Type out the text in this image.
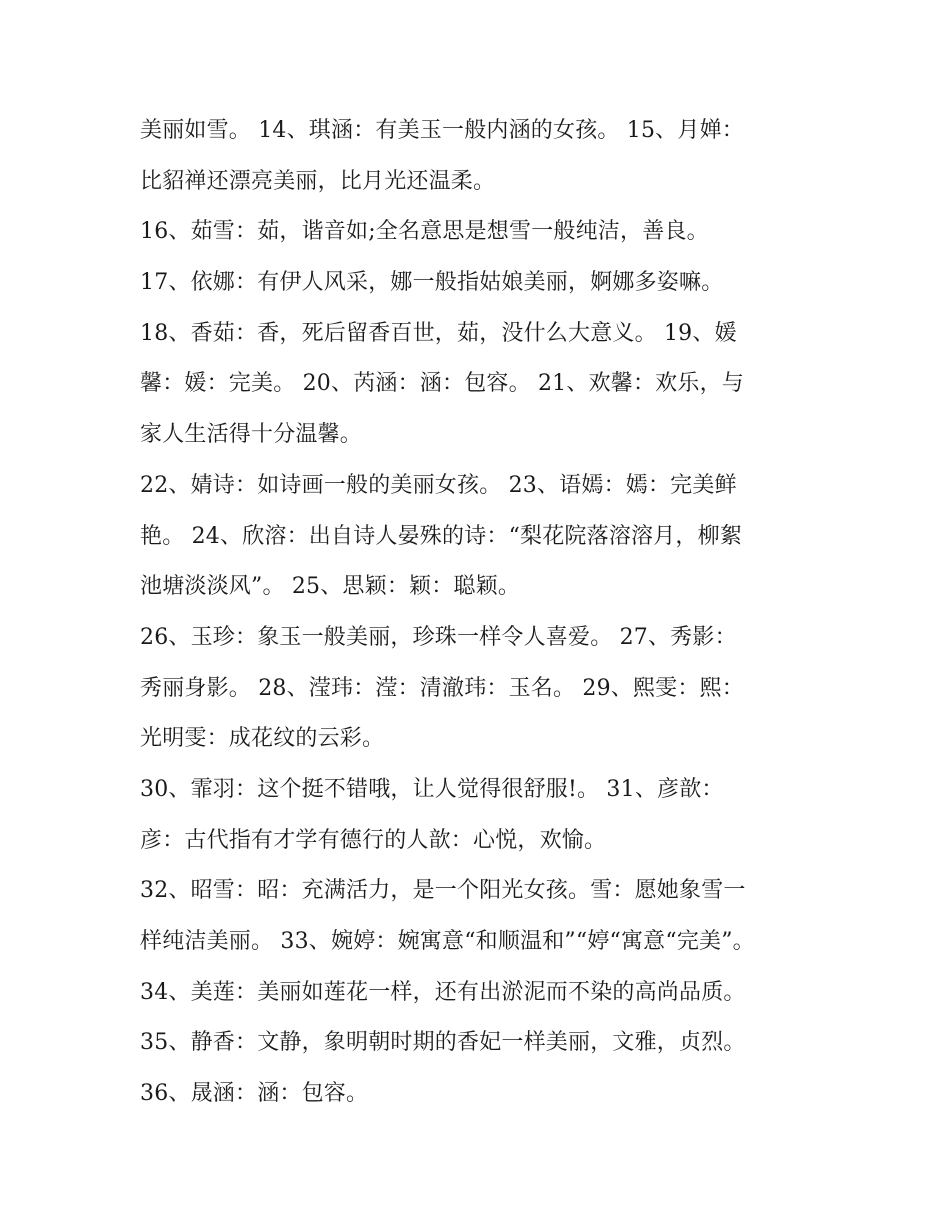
美丽如雪。 14、琪涵：有美玉一般内涵的女孩。 15、月婵：
比貂禅还漂亮美丽，比月光还温柔。
16、茹雪：茹，谐音如;全名意思是想雪一般纯洁，善良。
17、依娜：有伊人风采，娜一般指姑娘美丽，婀娜多姿嘛。
18、香茹：香，死后留香百世，茹，没什么大意义。 19、媛
馨：媛：完美。 20、芮涵：涵：包容。 21、欢馨：欢乐，与
家人生活得十分温馨。
22、婧诗：如诗画一般的美丽女孩。 23、语嫣：嫣：完美鲜
艳。 24、欣溶：出自诗人晏殊的诗：“梨花院落溶溶月，柳絮
池塘淡淡风”。 25、思颖：颖：聪颖。
26、玉珍：象玉一般美丽，珍珠一样令人喜爱。 27、秀影：
秀丽身影。 28、滢玮：滢：清澈玮：玉名。 29、熙雯：熙：
光明雯：成花纹的云彩。
30、霏羽：这个挺不错哦，让人觉得很舒服!。 31、彦歆：
彦：古代指有才学有德行的人歆：心悦，欢愉。
32、昭雪：昭：充满活力，是一个阳光女孩。雪：愿她象雪一
样纯洁美丽。 33、婉婷：婉寓意“和顺温和”“婷“寓意“完美”。
34、美莲：美丽如莲花一样，还有出淤泥而不染的高尚品质。
35、静香：文静，象明朝时期的香妃一样美丽，文雅，贞烈。
36、晟涵：涵：包容。
